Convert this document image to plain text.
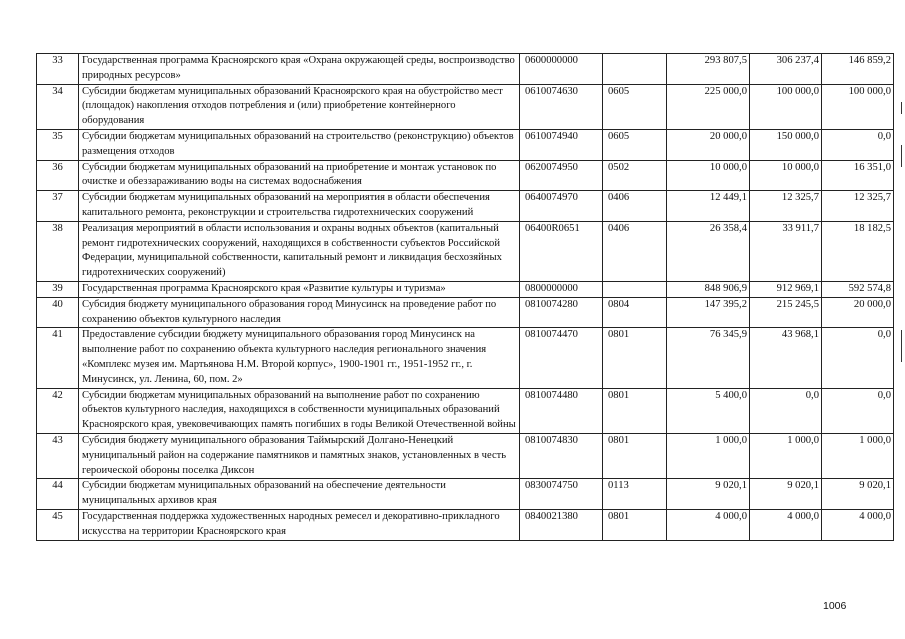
33	Государственная программа Красноярского края «Охрана окружающей среды, воспроизводство природных ресурсов»	0600000000		293 807,5	306 237,4	146 859,2
34	Субсидии бюджетам муниципальных образований Красноярского края на обустройство мест (площадок) накопления отходов потребления и (или) приобретение контейнерного оборудования	0610074630	0605	225 000,0	100 000,0	100 000,0
35	Субсидии бюджетам муниципальных образований на строительство (реконструкцию) объектов размещения отходов	0610074940	0605	20 000,0	150 000,0	0,0
36	Субсидии бюджетам муниципальных образований на приобретение и монтаж установок по очистке и обеззараживанию воды на системах водоснабжения	0620074950	0502	10 000,0	10 000,0	16 351,0
37	Субсидии бюджетам муниципальных образований на мероприятия в области обеспечения капитального ремонта, реконструкции и строительства гидротехнических сооружений	0640074970	0406	12 449,1	12 325,7	12 325,7
38	Реализация мероприятий в области использования и охраны водных объектов (капитальный ремонт гидротехнических сооружений, находящихся в собственности субъектов Российской Федерации, муниципальной собственности, капитальный ремонт и ликвидация бесхозяйных гидротехнических сооружений)	06400R0651	0406	26 358,4	33 911,7	18 182,5
39	Государственная программа Красноярского края «Развитие культуры и туризма»	0800000000		848 906,9	912 969,1	592 574,8
40	Субсидия бюджету муниципального образования город Минусинск на проведение работ по сохранению объектов культурного наследия	0810074280	0804	147 395,2	215 245,5	20 000,0
41	Предоставление субсидии бюджету муниципального образования город Минусинск на выполнение работ по сохранению объекта культурного наследия регионального значения «Комплекс музея им. Мартьянова Н.М. Второй корпус», 1900-1901 гг., 1951-1952 гг., г. Минусинск, ул. Ленина, 60, пом. 2»	0810074470	0801	76 345,9	43 968,1	0,0
42	Субсидии бюджетам муниципальных образований на выполнение работ по сохранению объектов культурного наследия, находящихся в собственности муниципальных образований Красноярского края, увековечивающих память погибших в годы Великой Отечественной войны	0810074480	0801	5 400,0	0,0	0,0
43	Субсидия бюджету муниципального образования Таймырский Долгано-Ненецкий муниципальный район на содержание памятников и памятных знаков, установленных в честь героической обороны поселка Диксон	0810074830	0801	1 000,0	1 000,0	1 000,0
44	Субсидии бюджетам муниципальных образований на обеспечение деятельности муниципальных архивов края	0830074750	0113	9 020,1	9 020,1	9 020,1
45	Государственная поддержка художественных народных ремесел и декоративно-прикладного искусства на территории Красноярского края	0840021380	0801	4 000,0	4 000,0	4 000,0
1006
